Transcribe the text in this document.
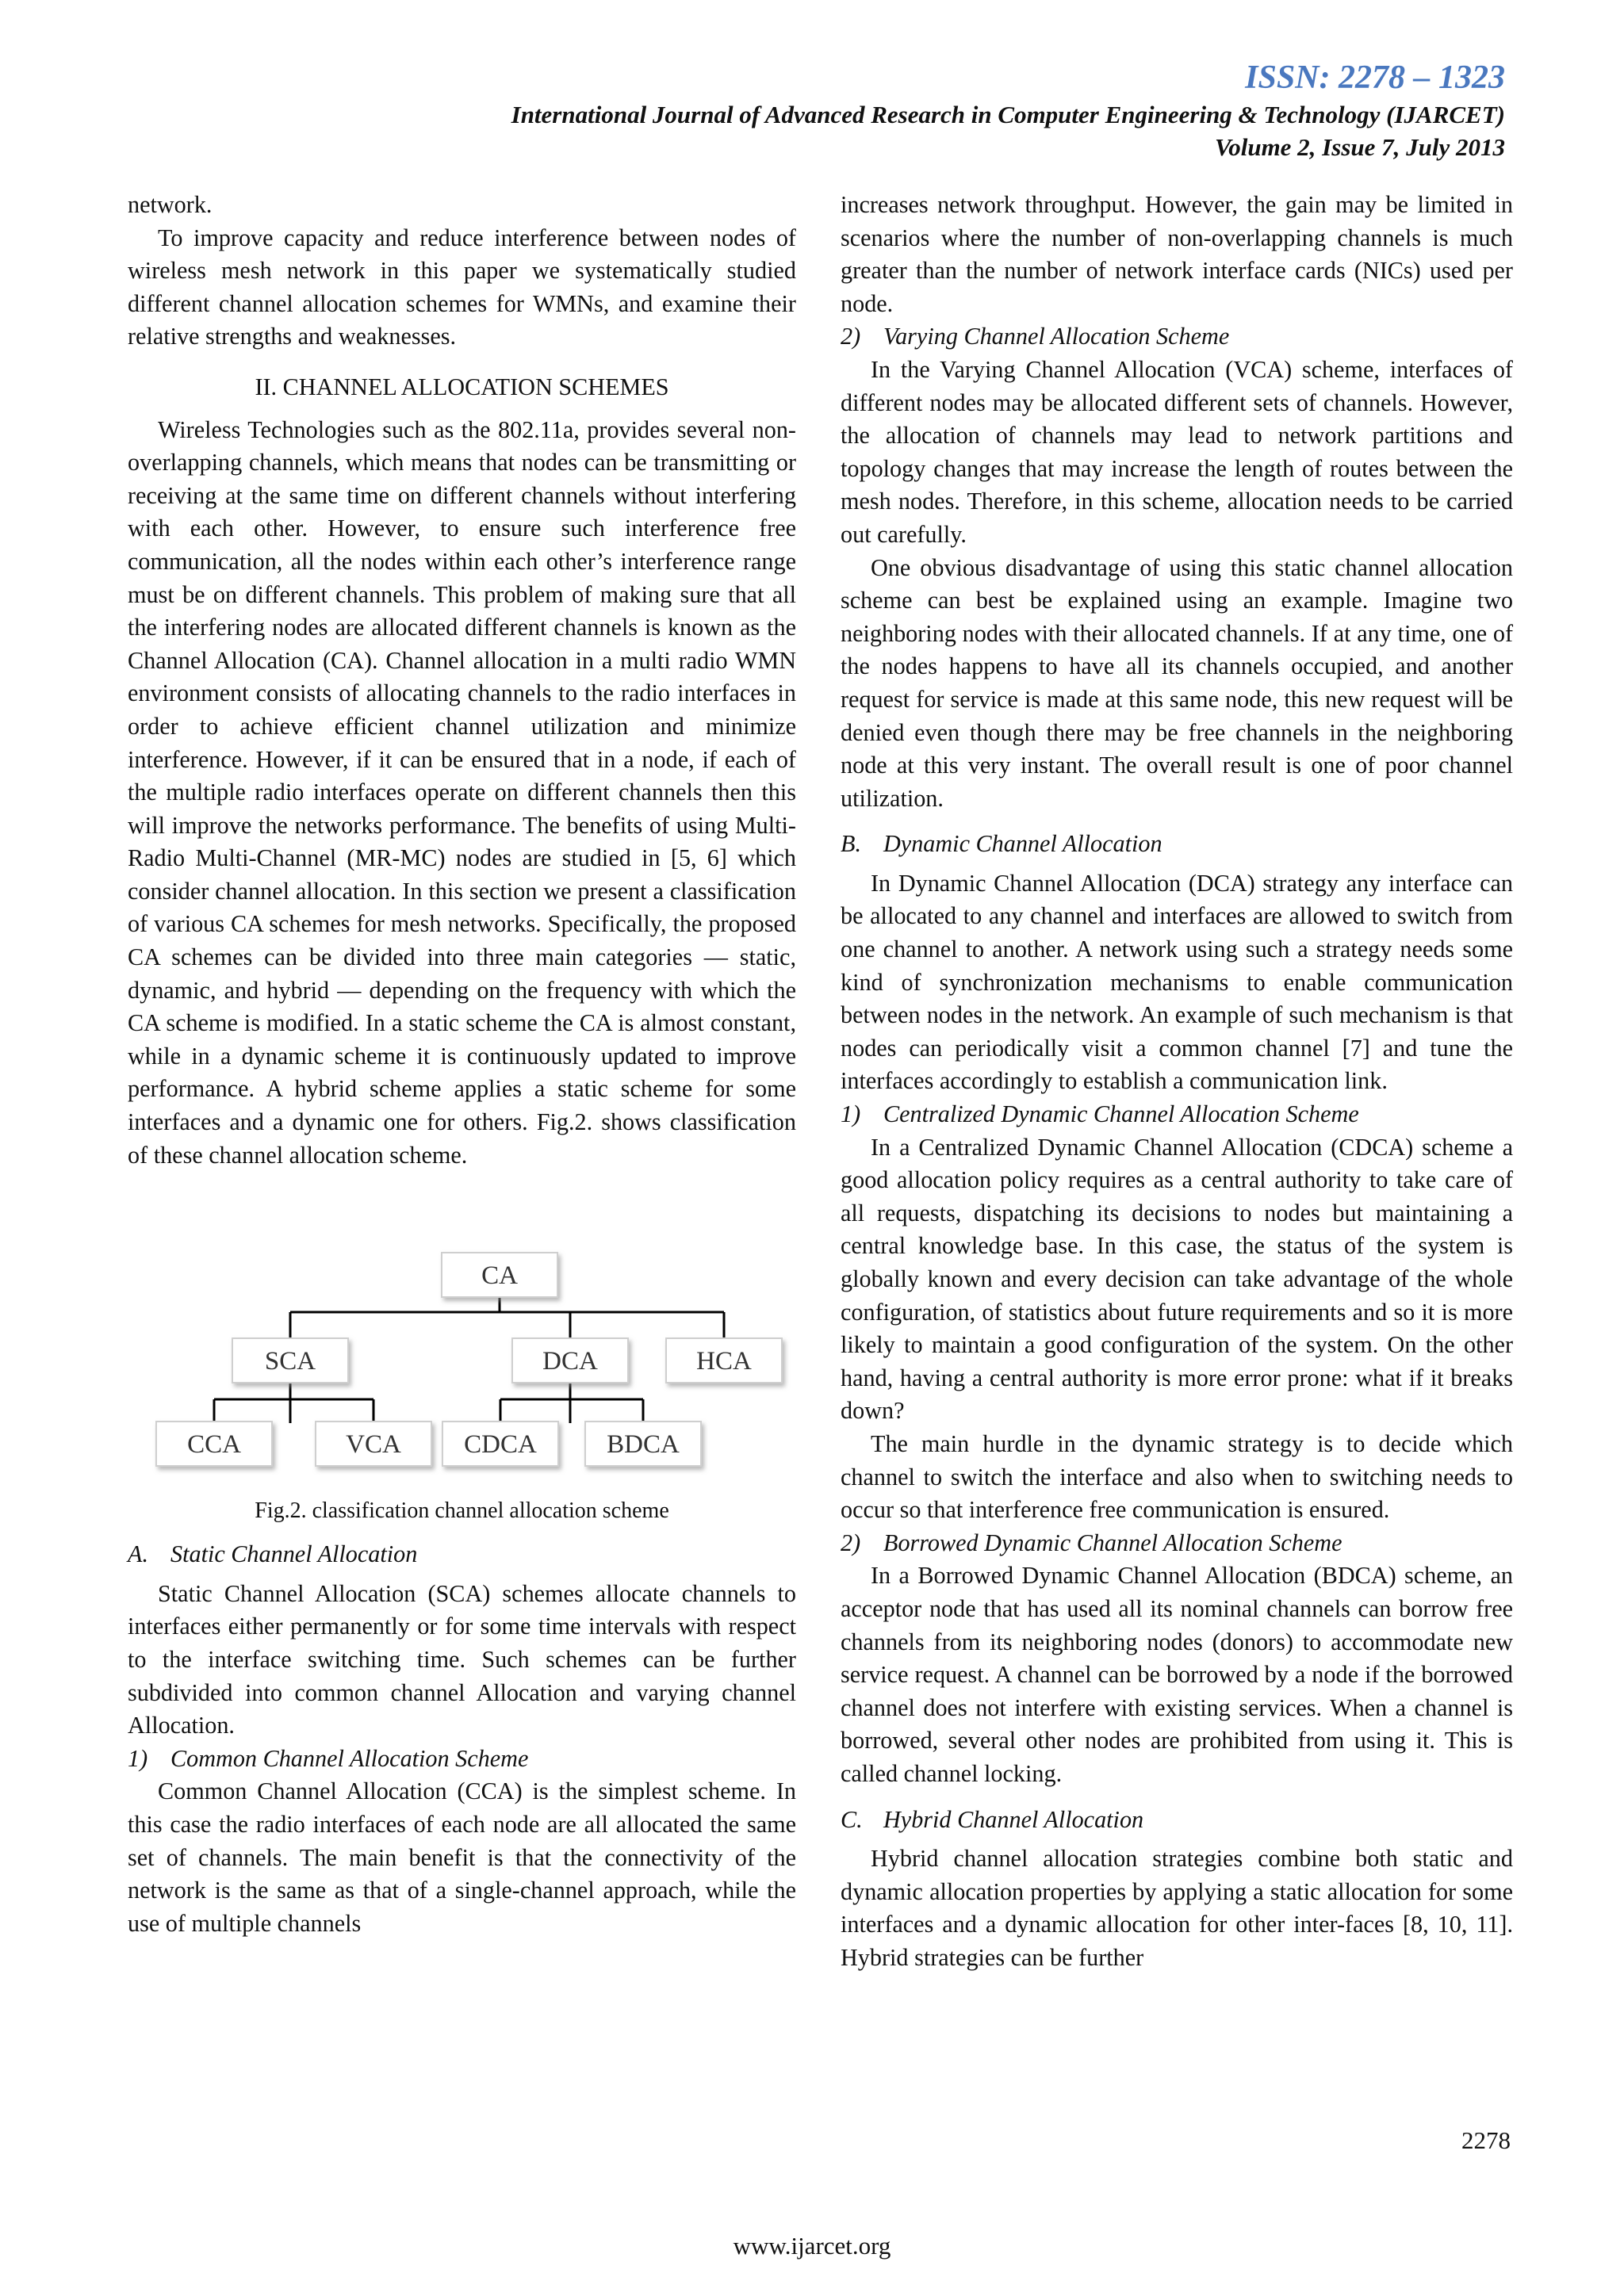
ISSN: 2278 – 1323
International Journal of Advanced Research in Computer Engineering & Technology (IJARCET)
Volume 2, Issue 7, July 2013

network.

To improve capacity and reduce interference between nodes of wireless mesh network in this paper we systematically studied different channel allocation schemes for WMNs, and examine their relative strengths and weaknesses.

II. CHANNEL ALLOCATION SCHEMES

Wireless Technologies such as the 802.11a, provides several non-overlapping channels, which means that nodes can be transmitting or receiving at the same time on different channels without interfering with each other. However, to ensure such interference free communication, all the nodes within each other’s interference range must be on different channels. This problem of making sure that all the interfering nodes are allocated different channels is known as the Channel Allocation (CA). Channel allocation in a multi radio WMN environment consists of allocating channels to the radio interfaces in order to achieve efficient channel utilization and minimize interference. However, if it can be ensured that in a node, if each of the multiple radio interfaces operate on different channels then this will improve the networks performance. The benefits of using Multi-Radio Multi-Channel (MR-MC) nodes are studied in [5, 6] which consider channel allocation. In this section we present a classification of various CA schemes for mesh networks. Specifically, the proposed CA schemes can be divided into three main categories — static, dynamic, and hybrid — depending on the frequency with which the CA scheme is modified. In a static scheme the CA is almost constant, while in a dynamic scheme it is continuously updated to improve performance. A hybrid scheme applies a static scheme for some interfaces and a dynamic one for others. Fig.2. shows classification of these channel allocation scheme.

CA
SCA	DCA	HCA
CCA	VCA CDCA	BDCA
Fig.2. classification channel allocation scheme
A. Static Channel Allocation

Static Channel Allocation (SCA) schemes allocate channels to interfaces either permanently or for some time intervals with respect to the interface switching time. Such schemes can be further subdivided into common channel Allocation and varying channel Allocation.

1) Common Channel Allocation Scheme

Common Channel Allocation (CCA) is the simplest scheme. In this case the radio interfaces of each node are all allocated the same set of channels. The main benefit is that the connectivity of the network is the same as that of a single-channel approach, while the use of multiple channels

increases network throughput. However, the gain may be limited in scenarios where the number of non-overlapping channels is much greater than the number of network interface cards (NICs) used per node.

2) Varying Channel Allocation Scheme

In the Varying Channel Allocation (VCA) scheme, interfaces of different nodes may be allocated different sets of channels. However, the allocation of channels may lead to network partitions and topology changes that may increase the length of routes between the mesh nodes. Therefore, in this scheme, allocation needs to be carried out carefully.

One obvious disadvantage of using this static channel allocation scheme can best be explained using an example. Imagine two neighboring nodes with their allocated channels. If at any time, one of the nodes happens to have all its channels occupied, and another request for service is made at this same node, this new request will be denied even though there may be free channels in the neighboring node at this very instant. The overall result is one of poor channel utilization.

B. Dynamic Channel Allocation

In Dynamic Channel Allocation (DCA) strategy any interface can be allocated to any channel and interfaces are allowed to switch from one channel to another. A network using such a strategy needs some kind of synchronization mechanisms to enable communication between nodes in the network. An example of such mechanism is that nodes can periodically visit a common channel [7] and tune the interfaces accordingly to establish a communication link.

1) Centralized Dynamic Channel Allocation Scheme

In a Centralized Dynamic Channel Allocation (CDCA) scheme a good allocation policy requires as a central authority to take care of all requests, dispatching its decisions to nodes but maintaining a central knowledge base. In this case, the status of the system is globally known and every decision can take advantage of the whole configuration, of statistics about future requirements and so it is more likely to maintain a good configuration of the system. On the other hand, having a central authority is more error prone: what if it breaks down?

The main hurdle in the dynamic strategy is to decide which channel to switch the interface and also when to switching needs to occur so that interference free communication is ensured.

2) Borrowed Dynamic Channel Allocation Scheme

In a Borrowed Dynamic Channel Allocation (BDCA) scheme, an acceptor node that has used all its nominal channels can borrow free channels from its neighboring nodes (donors) to accommodate new service request. A channel can be borrowed by a node if the borrowed channel does not interfere with existing services. When a channel is borrowed, several other nodes are prohibited from using it. This is called channel locking.

C. Hybrid Channel Allocation

Hybrid channel allocation strategies combine both static and dynamic allocation properties by applying a static allocation for some interfaces and a dynamic allocation for other inter-faces [8, 10, 11]. Hybrid strategies can be further

2278
www.ijarcet.org
